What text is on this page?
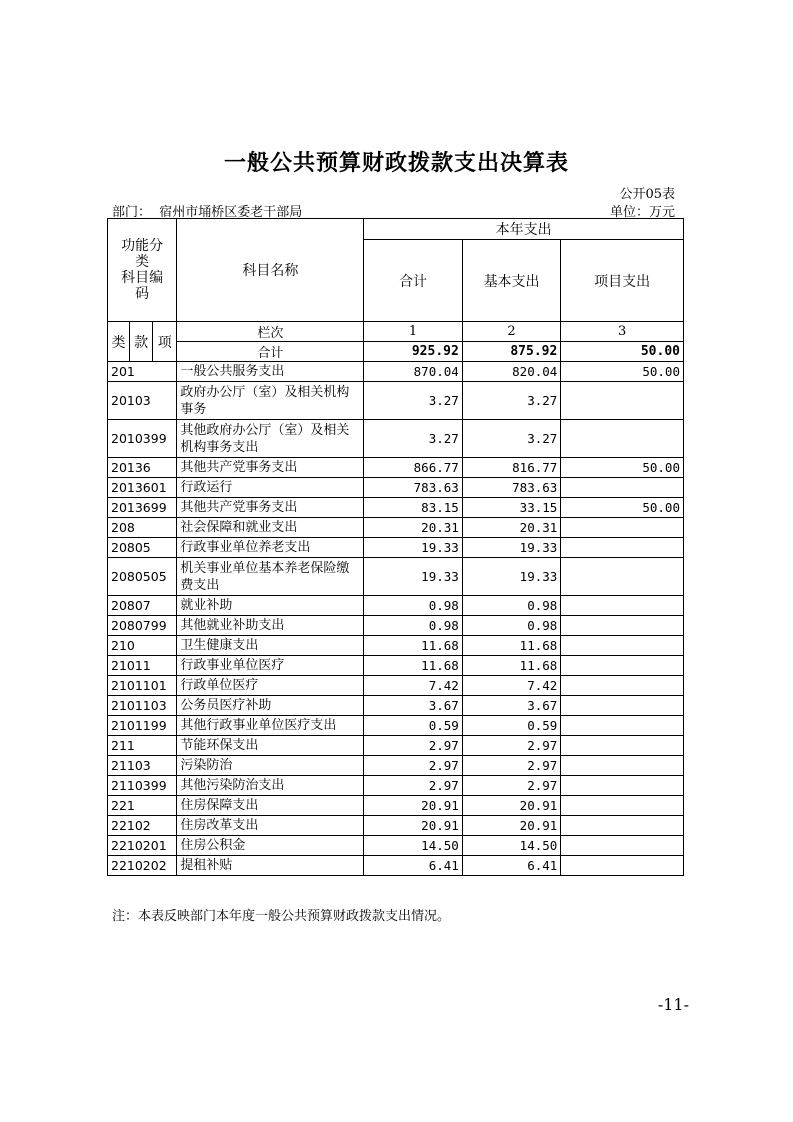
一般公共预算财政拨款支出决算表
公开05表
部门： 宿州市埇桥区委老干部局	单位：万元
功能分
类
科目编
码			科目名称	本年支出		
				合计	基本支出	项目支出
类	款	项	栏次	1	2	3
			合计	925.92	875.92	50.00
201			一般公共服务支出	870.04	820.04	50.00
20103			政府办公厅（室）及相关机构事务	3.27	3.27	
2010399			其他政府办公厅（室）及相关机构事务支出	3.27	3.27	
20136			其他共产党事务支出	866.77	816.77	50.00
2013601			行政运行	783.63	783.63	
2013699			其他共产党事务支出	83.15	33.15	50.00
208			社会保障和就业支出	20.31	20.31	
20805			行政事业单位养老支出	19.33	19.33	
2080505			机关事业单位基本养老保险缴费支出	19.33	19.33	
20807			就业补助	0.98	0.98	
2080799			其他就业补助支出	0.98	0.98	
210			卫生健康支出	11.68	11.68	
21011			行政事业单位医疗	11.68	11.68	
2101101			行政单位医疗	7.42	7.42	
2101103			公务员医疗补助	3.67	3.67	
2101199			其他行政事业单位医疗支出	0.59	0.59	
211			节能环保支出	2.97	2.97	
21103			污染防治	2.97	2.97	
2110399			其他污染防治支出	2.97	2.97	
221			住房保障支出	20.91	20.91	
22102			住房改革支出	20.91	20.91	
2210201			住房公积金	14.50	14.50	
2210202			提租补贴	6.41	6.41	
注：本表反映部门本年度一般公共预算财政拨款支出情况。
-11-
